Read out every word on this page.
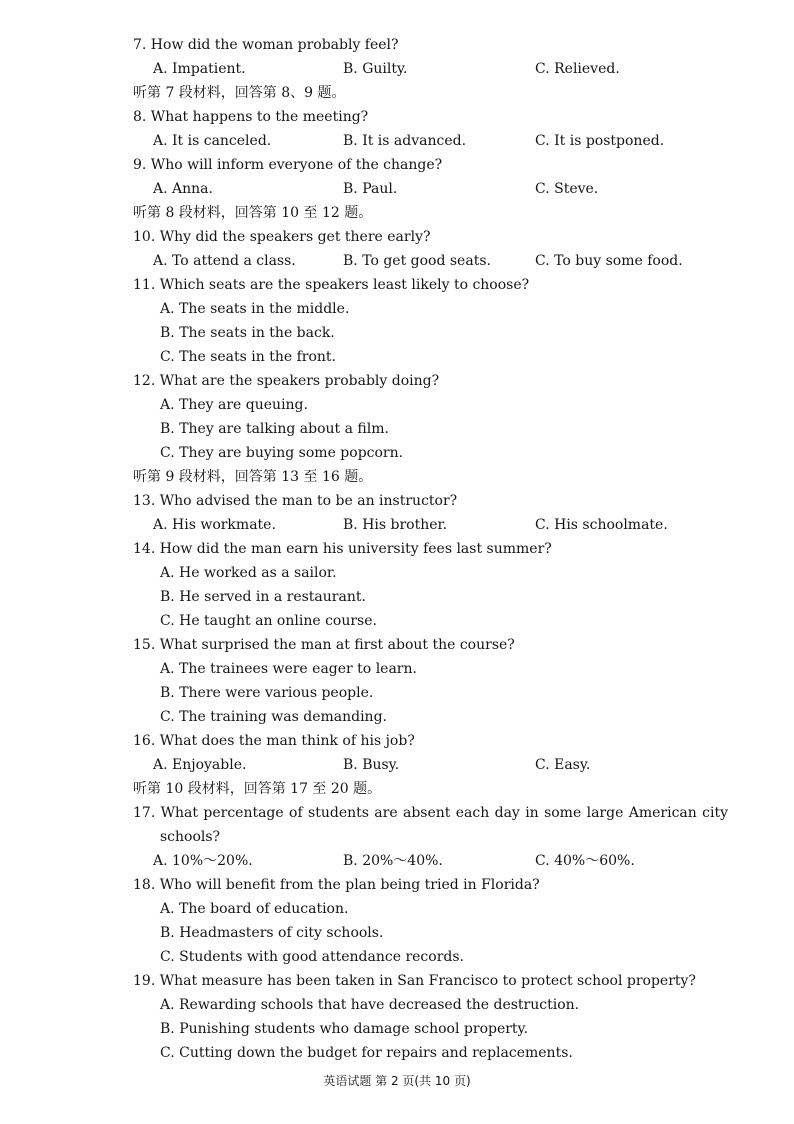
7. How did the woman probably feel?
A. Impatient.	B. Guilty.	C. Relieved.
听第 7 段材料，回答第 8、9 题。
8. What happens to the meeting?
A. It is canceled.	B. It is advanced.	C. It is postponed.
9. Who will inform everyone of the change?
A. Anna.	B. Paul.	C. Steve.
听第 8 段材料，回答第 10 至 12 题。
10. Why did the speakers get there early?
A. To attend a class.	B. To get good seats.	C. To buy some food.
11. Which seats are the speakers least likely to choose?
A. The seats in the middle.
B. The seats in the back.
C. The seats in the front.
12. What are the speakers probably doing?
A. They are queuing.
B. They are talking about a film.
C. They are buying some popcorn.
听第 9 段材料，回答第 13 至 16 题。
13. Who advised the man to be an instructor?
A. His workmate.	B. His brother.	C. His schoolmate.
14. How did the man earn his university fees last summer?
A. He worked as a sailor.
B. He served in a restaurant.
C. He taught an online course.
15. What surprised the man at first about the course?
A. The trainees were eager to learn.
B. There were various people.
C. The training was demanding.
16. What does the man think of his job?
A. Enjoyable.	B. Busy.	C. Easy.
听第 10 段材料，回答第 17 至 20 题。
17. What percentage of students are absent each day in some large American city
schools?
A. 10%～20%.	B. 20%～40%.	C. 40%～60%.
18. Who will benefit from the plan being tried in Florida?
A. The board of education.
B. Headmasters of city schools.
C. Students with good attendance records.
19. What measure has been taken in San Francisco to protect school property?
A. Rewarding schools that have decreased the destruction.
B. Punishing students who damage school property.
C. Cutting down the budget for repairs and replacements.
英语试题 第 2 页(共 10 页)
